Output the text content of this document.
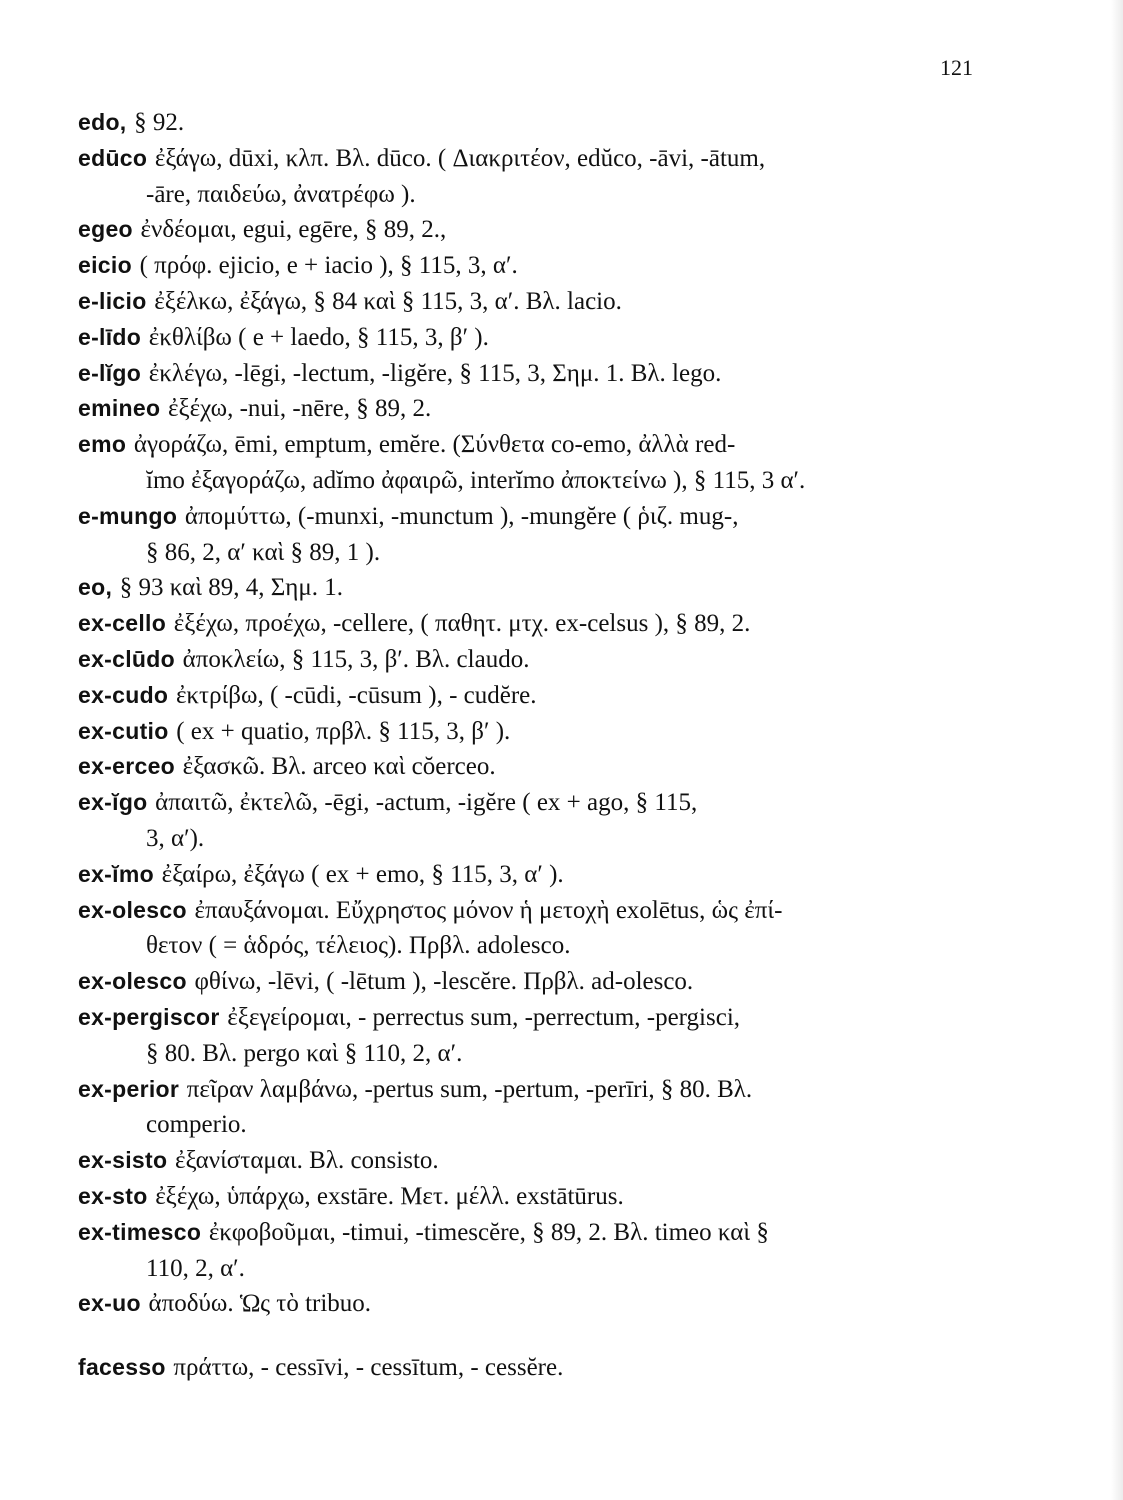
121
edo, § 92.
edūco ἐξάγω, dūxi, κλπ. Βλ. dūco. ( Διακριτέον, edŭco, -āvi, -ātum,
-āre, παιδεύω, ἀνατρέφω ).
egeo ἐνδέομαι, egui, egēre, § 89, 2.,
eicio ( πρόφ. ejicio, e + iacio ), § 115, 3, α′.
e-licio ἐξέλκω, ἐξάγω, § 84 καὶ § 115, 3, α′. Βλ. lacio.
e-līdo ἐκθλίβω ( e + laedo, § 115, 3, β′ ).
e-lĭgo ἐκλέγω, -lēgi, -lectum, -ligĕre, § 115, 3, Σημ. 1. Βλ. lego.
emineo ἐξέχω, -nui, -nēre, § 89, 2.
emo ἀγοράζω, ēmi, emptum, emĕre. (Σύνθετα co-emo, ἀλλὰ red-
ĭmo ἐξαγοράζω, adĭmo ἀφαιρῶ, interĭmo ἀποκτείνω ), § 115, 3 α′.
e-mungo ἀπομύττω, (-munxi, -munctum ), -mungĕre ( ῥιζ. mug-,
§ 86, 2, α′ καὶ § 89, 1 ).
eo, § 93 καὶ 89, 4, Σημ. 1.
ex-cello ἐξέχω, προέχω, -cellere, ( παθητ. μτχ. ex-celsus ), § 89, 2.
ex-clūdo ἀποκλείω, § 115, 3, β′. Βλ. claudo.
ex-cudo ἐκτρίβω, ( -cūdi, -cūsum ), - cudĕre.
ex-cutio ( ex + quatio, πρβλ. § 115, 3, β′ ).
ex-erceo ἐξασκῶ. Βλ. arceo καὶ cŏerceo.
ex-ĭgo ἀπαιτῶ, ἐκτελῶ, -ēgi, -actum, -igĕre ( ex + ago, § 115,
3, α′).
ex-ĭmo ἐξαίρω, ἐξάγω ( ex + emo, § 115, 3, α′ ).
ex-olesco ἐπαυξάνομαι. Εὔχρηστος μόνον ἡ μετοχὴ exolētus, ὡς ἐπί-
θετον ( = ἁδρός, τέλειος). Πρβλ. adolesco.
ex-olesco φθίνω, -lēvi, ( -lētum ), -lescĕre. Πρβλ. ad-olesco.
ex-pergiscor ἐξεγείρομαι, - perrectus sum, -perrectum, -pergisci,
§ 80. Βλ. pergo καὶ § 110, 2, α′.
ex-perior πεῖραν λαμβάνω, -pertus sum, -pertum, -perīri, § 80. Βλ.
comperio.
ex-sisto ἐξανίσταμαι. Βλ. consisto.
ex-sto ἐξέχω, ὑπάρχω, exstāre. Μετ. μέλλ. exstātūrus.
ex-timesco ἐκφοβοῦμαι, -timui, -timescĕre, § 89, 2. Βλ. timeo καὶ §
110, 2, α′.
ex-uo ἀποδύω. Ὡς τὸ tribuo.
facesso πράττω, - cessīvi, - cessītum, - cessĕre.
